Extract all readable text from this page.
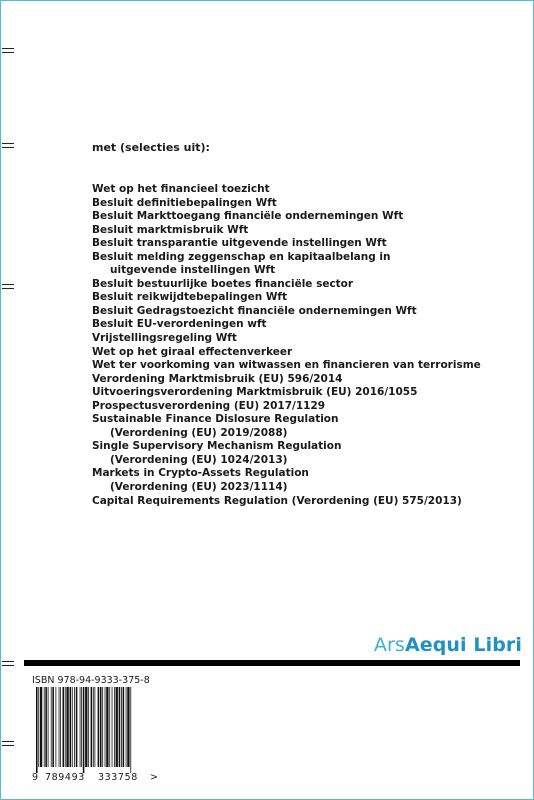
met (selecties uit):

Wet op het financieel toezicht
Besluit definitiebepalingen Wft
Besluit Markttoegang financiële ondernemingen Wft
Besluit marktmisbruik Wft
Besluit transparantie uitgevende instellingen Wft
Besluit melding zeggenschap en kapitaalbelang in
uitgevende instellingen Wft
Besluit bestuurlijke boetes financiële sector
Besluit reikwijdtebepalingen Wft
Besluit Gedragstoezicht financiële ondernemingen Wft
Besluit EU-verordeningen wft
Vrijstellingsregeling Wft
Wet op het giraal effectenverkeer
Wet ter voorkoming van witwassen en financieren van terrorisme
Verordening Marktmisbruik (EU) 596/2014
Uitvoeringsverordening Marktmisbruik (EU) 2016/1055
Prospectusverordening (EU) 2017/1129
Sustainable Finance Dislosure Regulation
(Verordening (EU) 2019/2088)
Single Supervisory Mechanism Regulation
(Verordening (EU) 1024/2013)
Markets in Crypto-Assets Regulation
(Verordening (EU) 2023/1114)
Capital Requirements Regulation (Verordening (EU) 575/2013)
ArsAequi Libri
ISBN 978-94-9333-375-8
9 789493 333758 >
